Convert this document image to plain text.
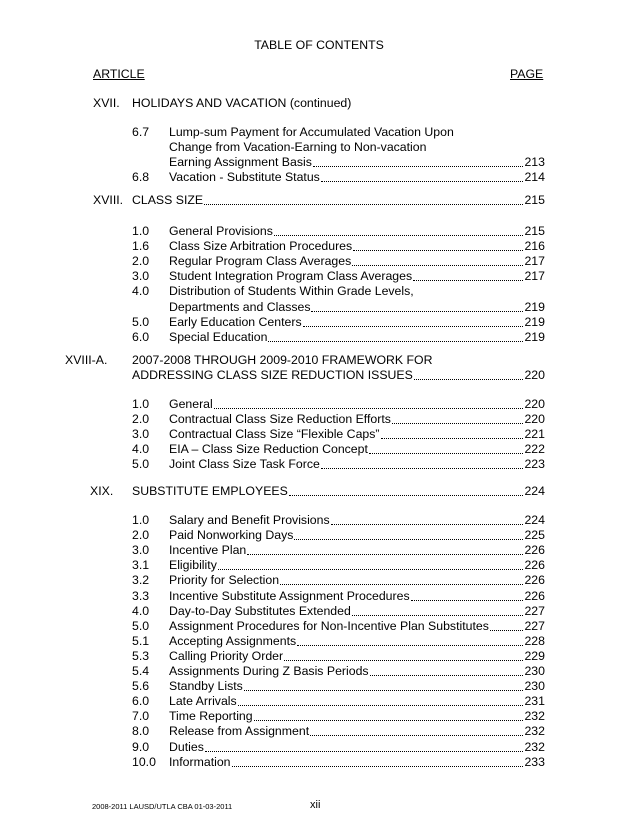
TABLE OF CONTENTS
ARTICLE	PAGE
XVII. HOLIDAYS AND VACATION (continued)
6.7 Lump-sum Payment for Accumulated Vacation Upon
Change from Vacation-Earning to Non-vacation
Earning Assignment Basis	213
6.8 Vacation - Substitute Status	214
XVIII. CLASS SIZE	215
1.0 General Provisions	215
1.6 Class Size Arbitration Procedures	216
2.0 Regular Program Class Averages	217
3.0 Student Integration Program Class Averages	217
4.0 Distribution of Students Within Grade Levels,
Departments and Classes	219
5.0 Early Education Centers	219
6.0 Special Education	219
XVIII-A. 2007-2008 THROUGH 2009-2010 FRAMEWORK FOR
ADDRESSING CLASS SIZE REDUCTION ISSUES	220
1.0 General	220
2.0 Contractual Class Size Reduction Efforts	220
3.0 Contractual Class Size “Flexible Caps”	221
4.0 EIA – Class Size Reduction Concept	222
5.0 Joint Class Size Task Force	223
XIX. SUBSTITUTE EMPLOYEES	224
1.0 Salary and Benefit Provisions	224
2.0 Paid Nonworking Days	225
3.0 Incentive Plan	226
3.1 Eligibility	226
3.2 Priority for Selection	226
3.3 Incentive Substitute Assignment Procedures	226
4.0 Day-to-Day Substitutes Extended	227
5.0 Assignment Procedures for Non-Incentive Plan Substitutes	227
5.1 Accepting Assignments	228
5.3 Calling Priority Order	229
5.4 Assignments During Z Basis Periods	230
5.6 Standby Lists	230
6.0 Late Arrivals	231
7.0 Time Reporting	232
8.0 Release from Assignment	232
9.0 Duties	232
10.0 Information	233
2008-2011 LAUSD/UTLA CBA 01-03-2011	xii
